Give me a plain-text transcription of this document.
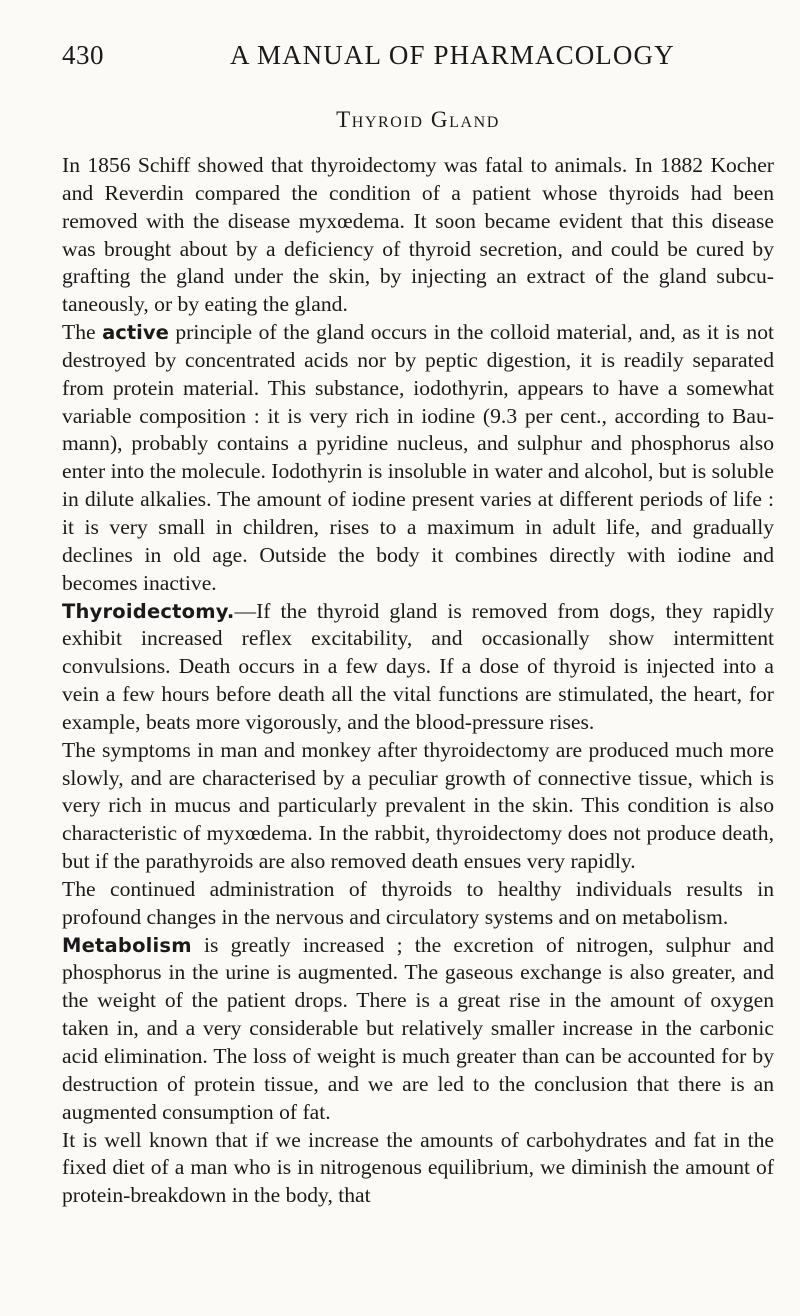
430	A MANUAL OF PHARMACOLOGY
Thyroid Gland

In 1856 Schiff showed that thyroidectomy was fatal to animals. In 1882 Kocher and Reverdin compared the condition of a patient whose thyroids had been removed with the disease myxœdema. It soon became evident that this disease was brought about by a deficiency of thyroid secretion, and could be cured by grafting the gland under the skin, by injecting an extract of the gland subcutaneously, or by eating the gland.

The active principle of the gland occurs in the colloid material, and, as it is not destroyed by concentrated acids nor by peptic digestion, it is readily separated from protein material. This substance, iodothyrin, appears to have a somewhat variable composition : it is very rich in iodine (9.3 per cent., according to Baumann), probably contains a pyridine nucleus, and sulphur and phosphorus also enter into the molecule. Iodothyrin is insoluble in water and alcohol, but is soluble in dilute alkalies. The amount of iodine present varies at different periods of life : it is very small in children, rises to a maximum in adult life, and gradually declines in old age. Outside the body it combines directly with iodine and becomes inactive.

Thyroidectomy.—If the thyroid gland is removed from dogs, they rapidly exhibit increased reflex excitability, and occasionally show intermittent convulsions. Death occurs in a few days. If a dose of thyroid is injected into a vein a few hours before death all the vital functions are stimulated, the heart, for example, beats more vigorously, and the blood-pressure rises.

The symptoms in man and monkey after thyroidectomy are produced much more slowly, and are characterised by a peculiar growth of connective tissue, which is very rich in mucus and particularly prevalent in the skin. This condition is also characteristic of myxœdema. In the rabbit, thyroidectomy does not produce death, but if the parathyroids are also removed death ensues very rapidly.

The continued administration of thyroids to healthy individuals results in profound changes in the nervous and circulatory systems and on metabolism.

Metabolism is greatly increased ; the excretion of nitrogen, sulphur and phosphorus in the urine is augmented. The gaseous exchange is also greater, and the weight of the patient drops. There is a great rise in the amount of oxygen taken in, and a very considerable but relatively smaller increase in the carbonic acid elimination. The loss of weight is much greater than can be accounted for by destruction of protein tissue, and we are led to the conclusion that there is an augmented consumption of fat.

It is well known that if we increase the amounts of carbohydrates and fat in the fixed diet of a man who is in nitrogenous equilibrium, we diminish the amount of protein-breakdown in the body, that
